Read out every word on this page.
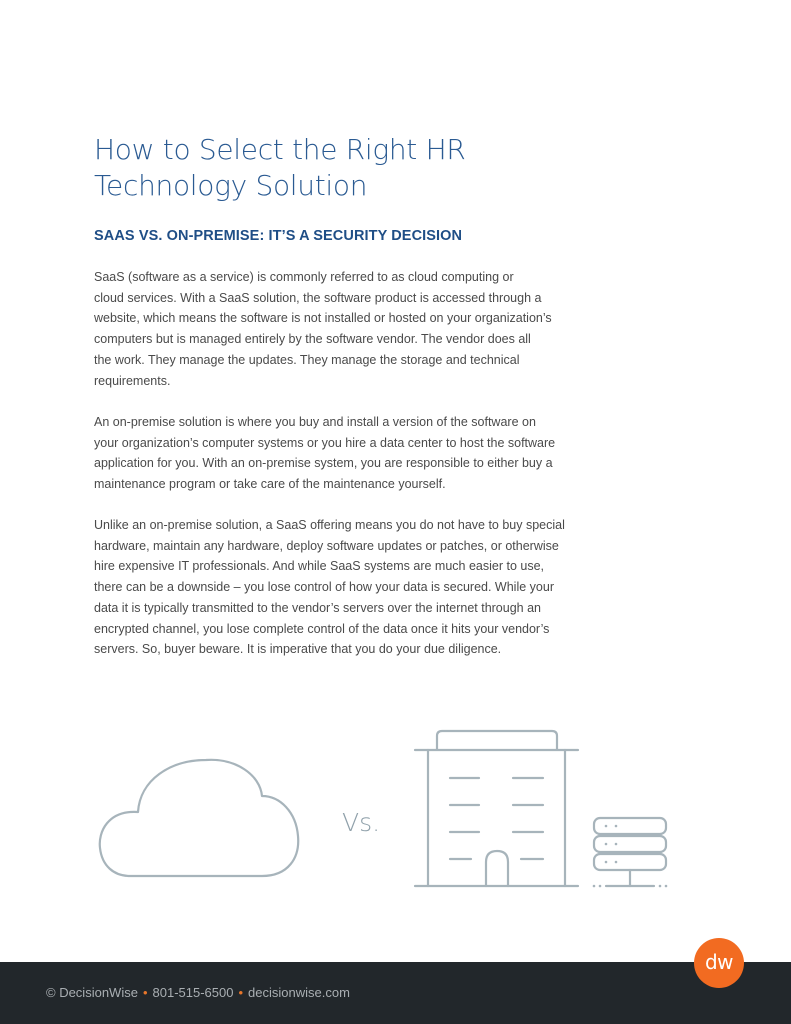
How to Select the Right HR
Technology Solution
SAAS VS. ON-PREMISE: IT’S A SECURITY DECISION

SaaS (software as a service) is commonly referred to as cloud computing or
cloud services. With a SaaS solution, the software product is accessed through a
website, which means the software is not installed or hosted on your organization’s
computers but is managed entirely by the software vendor. The vendor does all
the work. They manage the updates. They manage the storage and technical
requirements.

An on-premise solution is where you buy and install a version of the software on
your organization’s computer systems or you hire a data center to host the software
application for you. With an on-premise system, you are responsible to either buy a
maintenance program or take care of the maintenance yourself.

Unlike an on-premise solution, a SaaS offering means you do not have to buy special
hardware, maintain any hardware, deploy software updates or patches, or otherwise
hire expensive IT professionals. And while SaaS systems are much easier to use,
there can be a downside – you lose control of how your data is secured. While your
data it is typically transmitted to the vendor’s servers over the internet through an
encrypted channel, you lose complete control of the data once it hits your vendor’s
servers. So, buyer beware. It is imperative that you do your due diligence.

Vs.
© DecisionWise • 801-515-6500 • decisionwise.com
dw
